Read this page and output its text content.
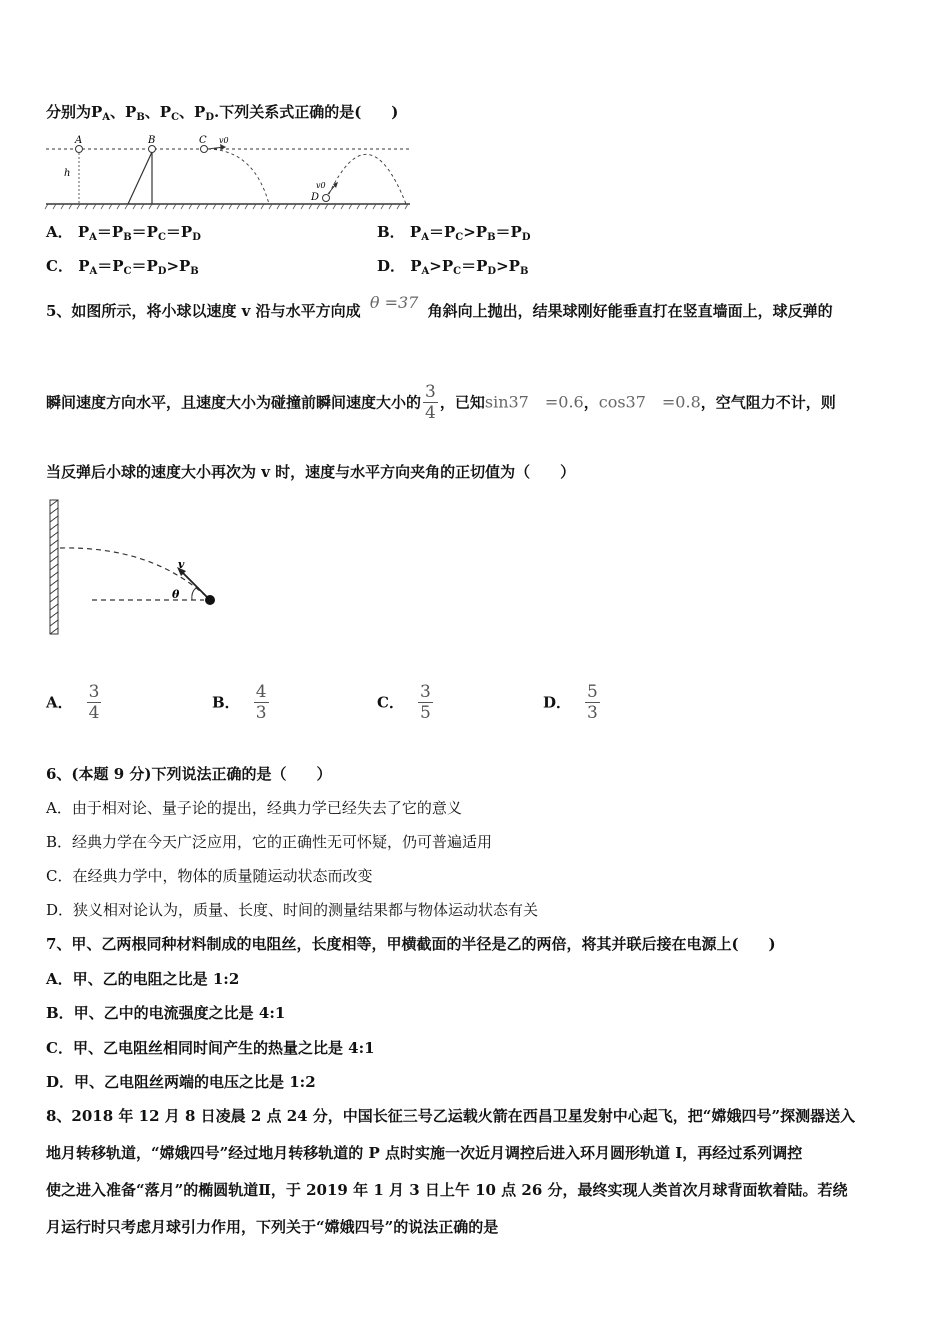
分别为$P_A$、$P_B$、$P_C$、$P_D$.下列关系式正确的是(　　)
h
A	B	C v0
D
v0
A． $P_A=P_B=P_C=P_D$	B． $P_A=P_C>P_B=P_D$
C． $P_A=P_C=P_D>P_B$	D． $P_A>P_C=P_D>P_B$
5、如图所示，将小球以速度 v 沿与水平方向成 θ =37 角斜向上抛出，结果球刚好能垂直打在竖直墙面上，球反弹的
瞬间速度方向水平，且速度大小为碰撞前瞬间速度大小的 $\frac{3}{4}$ ，已知sin37　=0.6，cos37　=0.8，空气阻力不计，则
当反弹后小球的速度大小再次为 v 时，速度与水平方向夹角的正切值为（　　）
v
θ
A． $\frac{3}{4}$	B． $\frac{4}{3}$	C． $\frac{3}{5}$	D． $\frac{5}{3}$
6、(本题 9 分)下列说法正确的是（　　）
A．由于相对论、量子论的提出，经典力学已经失去了它的意义
B．经典力学在今天广泛应用，它的正确性无可怀疑，仍可普遍适用
C．在经典力学中，物体的质量随运动状态而改变
D．狭义相对论认为，质量、长度、时间的测量结果都与物体运动状态有关
7、甲、乙两根同种材料制成的电阻丝，长度相等，甲横截面的半径是乙的两倍，将其并联后接在电源上(　　)
A．甲、乙的电阻之比是 1:2
B．甲、乙中的电流强度之比是 4:1
C．甲、乙电阻丝相同时间产生的热量之比是 4:1
D．甲、乙电阻丝两端的电压之比是 1:2
8、2018 年 12 月 8 日凌晨 2 点 24 分，中国长征三号乙运载火箭在西昌卫星发射中心起飞，把“嫦娥四号”探测器送入
地月转移轨道，“嫦娥四号”经过地月转移轨道的 P 点时实施一次近月调控后进入环月圆形轨道 I，再经过系列调控
使之进入准备“落月”的椭圆轨道Ⅱ，于 2019 年 1 月 3 日上午 10 点 26 分，最终实现人类首次月球背面软着陆。若绕
月运行时只考虑月球引力作用，下列关于“嫦娥四号”的说法正确的是
